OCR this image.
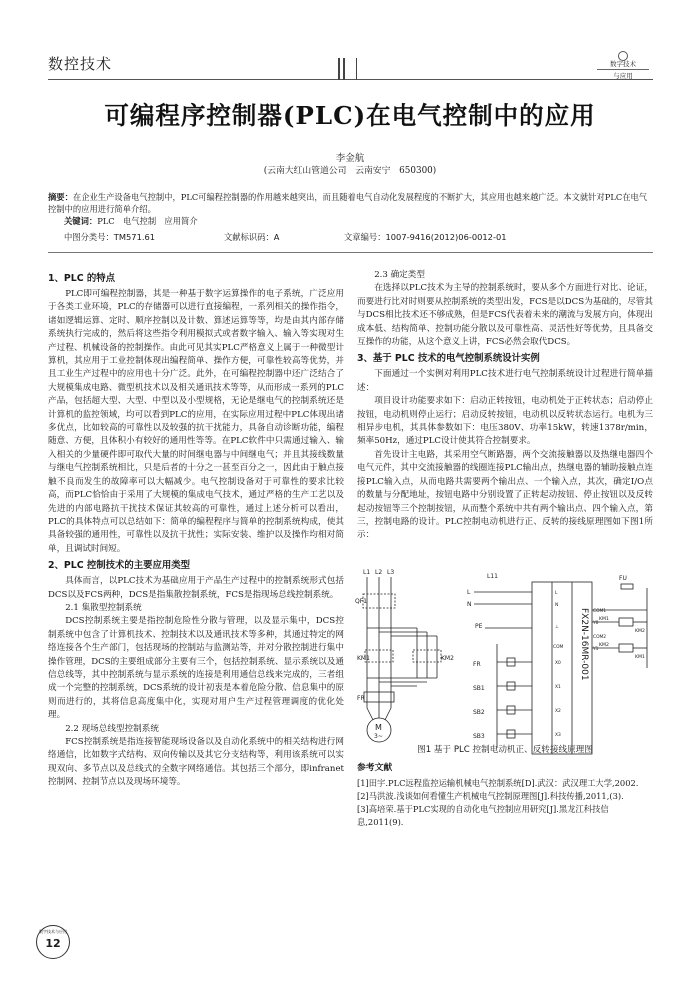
数控技术	数字技术
与应用
可编程序控制器(PLC)在电气控制中的应用
李金航
(云南大红山管道公司　云南安宁　650300)
摘要：在企业生产设备电气控制中，PLC可编程控制器的作用越来越突出，而且随着电气自动化发展程度的不断扩大，其应用也越来越广泛。本文就针对PLC在电气控制中的应用进行简单介绍。
关键词：PLC　电气控制　应用简介
中图分类号：TM571.61	文献标识码：A	文章编号：1007-9416(2012)06-0012-01
1、PLC 的特点

PLC即可编程控制器，其是一种基于数字运算操作的电子系统，广泛应用于各类工业环境，PLC的存储器可以进行直接编程，一系列相关的操作指令，诸如逻辑运算、定时、顺序控制以及计数、算述运算等等，均是由其内部存储系统执行完成的，然后将这些指令利用模拟式或者数字输入、输入等实现对生产过程、机械设备的控制操作。由此可见其实PLC严格意义上属于一种微型计算机，其应用于工业控制体现出编程简单、操作方便，可靠性较高等优势，并且工业生产过程中的应用也十分广泛。此外，在可编程控制器中还广泛结合了大规模集成电路、微型机技术以及相关通讯技术等等，从而形成一系列的PLC产品，包括超大型、大型、中型以及小型规格，无论是继电气的控制系统还是计算机的监控领域，均可以看到PLC的应用，在实际应用过程中PLC体现出诸多优点，比如较高的可靠性以及较强的抗干扰能力，具备自动诊断功能，编程随意、方便，且体积小有较好的通用性等等。在PLC软件中只需通过输入、输入相关的少量硬件即可取代大量的时间继电器与中间继电气；并且其接线数量与继电气控制系统相比，只是后者的十分之一甚至百分之一，因此由于触点接触不良而发生的故障率可以大幅减少。电气控制设备对于可靠性的要求比较高，而PLC恰恰由于采用了大规模的集成电气技术，通过严格的生产工艺以及先进的内部电路抗干扰技术保证其较高的可靠性，通过上述分析可以看出，PLC的具体特点可以总结如下：简单的编程程序与简单的控制系统构成，使其具备较强的通用性，可靠性以及抗干扰性；实际安装、维护以及操作均相对简单，且调试时间短。

2、PLC 控制技术的主要应用类型

具体而言，以PLC技术为基础应用于产品生产过程中的控制系统形式包括DCS以及FCS两种，DCS是指集散控制系统，FCS是指现场总线控制系统。

2.1 集散型控制系统

DCS控制系统主要是指控制危险性分散与管理，以及显示集中，DCS控制系统中包含了计算机技术、控制技术以及通讯技术等多种，其通过特定的网络连接各个生产部门，包括现场的控制站与监测站等，并对分散控制进行集中操作管理，DCS的主要组成部分主要有三个，包括控制系统、显示系统以及通信总线等，其中控制系统与显示系统的连接是利用通信总线来完成的，三者组成一个完整的控制系统，DCS系统的设计初衷是本着危险分散、信息集中的原则而进行的，其将信息高度集中化，实现对用户生产过程管理调度的优化处理。

2.2 现场总线型控制系统

FCS控制系统是指连接智能现场设备以及自动化系统中的相关结构进行网络通信，比如数字式结构、双向传输以及其它分支结构等，利用该系统可以实现双向、多节点以及总线式的全数字网络通信。其包括三个部分，即infranet控制网、控制节点以及现场环境等。

2.3 确定类型

在选择以PLC技术为主导的控制系统时，要从多个方面进行对比、论证，而要进行比对时则要从控制系统的类型出发，FCS是以DCS为基础的，尽管其与DCS相比技术还不够成熟，但是FCS代表着未来的潮流与发展方向，体现出成本低、结构简单、控制功能分散以及可靠性高、灵活性好等优势，且具备交互操作的功能，从这个意义上讲，FCS必然会取代DCS。

3、基于 PLC 技术的电气控制系统设计实例

下面通过一个实例对利用PLC技术进行电气控制系统设计过程进行简单描述：

项目设计功能要求如下：启动正转按钮，电动机处于正转状态；启动停止按钮，电动机则停止运行；启动反转按钮，电动机以反转状态运行。电机为三相异步电机，其具体参数如下：电压380V、功率15kW，转速1378r/min，频率50Hz，通过PLC设计使其符合控制要求。

首先设计主电路，其采用空气断路器，两个交流接触器以及热继电器四个电气元件，其中交流接触器的线圈连接PLC输出点，热继电器的辅助接触点连接PLC输入点，从而电路共需要两个输出点、一个输入点，其次，确定I/O点的数量与分配地址，按钮电路中分别设置了正转起动按钮、停止按钮以及反转起动按钮等三个控制按钮，从而整个系统中共有两个输出点、四个输入点，第三，控制电路的设计。PLC控制电动机进行正、反转的接线原理图如下图1所示：

L1 L2 L3
QF1
KM1	KM2
FR
M
3~
L
N
L11
PE
FR
SB1
SB2
SB3
L
N
⊥
COM
X0
X1
X2
X3
FX2N-16MR-001 COM1
Y0
COM2
Y1
FU
KM1
KM2
KM2
KM1
图1 基于 PLC 控制电动机正、反转接线原理图
参考文献

[1]田宇.PLC远程监控运输机械电气控制系统[D].武汉：武汉理工大学,2002.

[2]马洪波.浅谈如何看懂生产机械电气控制原理图[J].科技传播,2011,(3).

[3]高培荣.基于PLC实现的自动化电气控制应用研究[J].黑龙江科技信息,2011(9).

数字技术与应用
12
